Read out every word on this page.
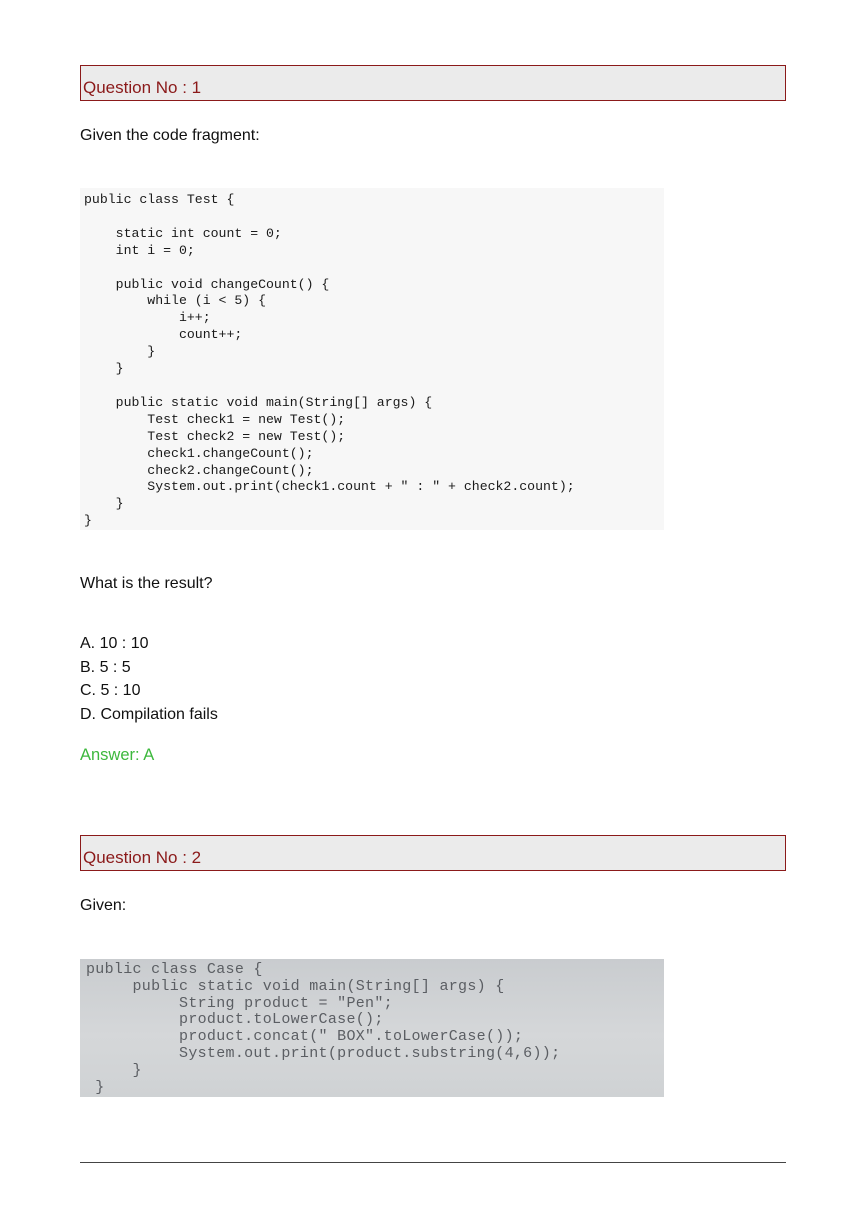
Question No : 1
Given the code fragment:
public class Test {

static int count = 0;
int i = 0;

public void changeCount() {
while (i < 5) {
i++;
count++;
}
}

public static void main(String[] args) {
Test check1 = new Test();
Test check2 = new Test();
check1.changeCount();
check2.changeCount();
System.out.print(check1.count + " : " + check2.count);
}
}
What is the result?
A. 10 : 10
B. 5 : 5
C. 5 : 10
D. Compilation fails
Answer: A
Question No : 2
Given:
public class Case {
public static void main(String[] args) {
String product = "Pen";
product.toLowerCase();
product.concat(" BOX".toLowerCase());
System.out.print(product.substring(4,6));
}
}
